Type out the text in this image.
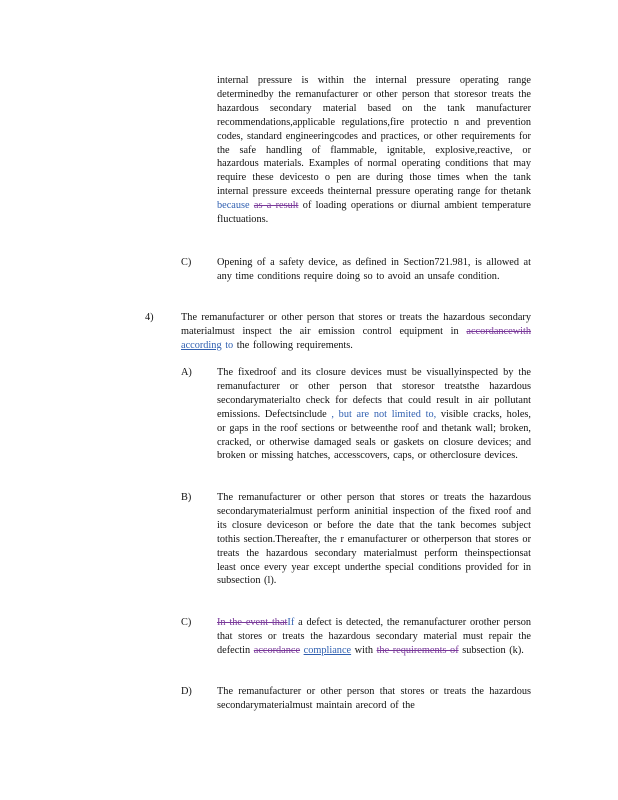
internal pressure is within the internal pressure operating range determinedby the remanufacturer or other person that storesor treats the hazardous secondary material based on the tank manufacturer recommendations,applicable regulations,fire protectio n and prevention codes, standard engineeringcodes and practices, or other requirements for the safe handling of flammable, ignitable, explosive,reactive, or hazardous materials. Examples of normal operating conditions that may require these devicesto o pen are during those times when the tank internal pressure exceeds theinternal pressure operating range for thetank because as a result of loading operations or diurnal ambient temperature fluctuations.
C) Opening of a safety device, as defined in Section721.981, is allowed at any time conditions require doing so to avoid an unsafe condition.
4)	The remanufacturer or other person that stores or treats the hazardous secondary materialmust inspect the air emission control equipment in accordancewith according to the following requirements.
A) The fixedroof and its closure devices must be visuallyinspected by the remanufacturer or other person that storesor treatsthe hazardous secondarymaterialto check for defects that could result in air pollutant emissions. Defectsinclude , but are not limited to, visible cracks, holes, or gaps in the roof sections or betweenthe roof and thetank wall; broken, cracked, or otherwise damaged seals or gaskets on closure devices; and broken or missing hatches, accesscovers, caps, or otherclosure devices.
B) The remanufacturer or other person that stores or treats the hazardous secondarymaterialmust perform aninitial inspection of the fixed roof and its closure deviceson or before the date that the tank becomes subject tothis section.Thereafter, the r emanufacturer or otherperson that stores or treats the hazardous secondary materialmust perform theinspectionsat least once every year except underthe special conditions provided for in subsection (l).
C) In the event thatIf a defect is detected, the remanufacturer orother person that stores or treats the hazardous secondary material must repair the defectin accordance compliance with the requirements of subsection (k).
D) The remanufacturer or other person that stores or treats the hazardous secondarymaterialmust maintain arecord of the
